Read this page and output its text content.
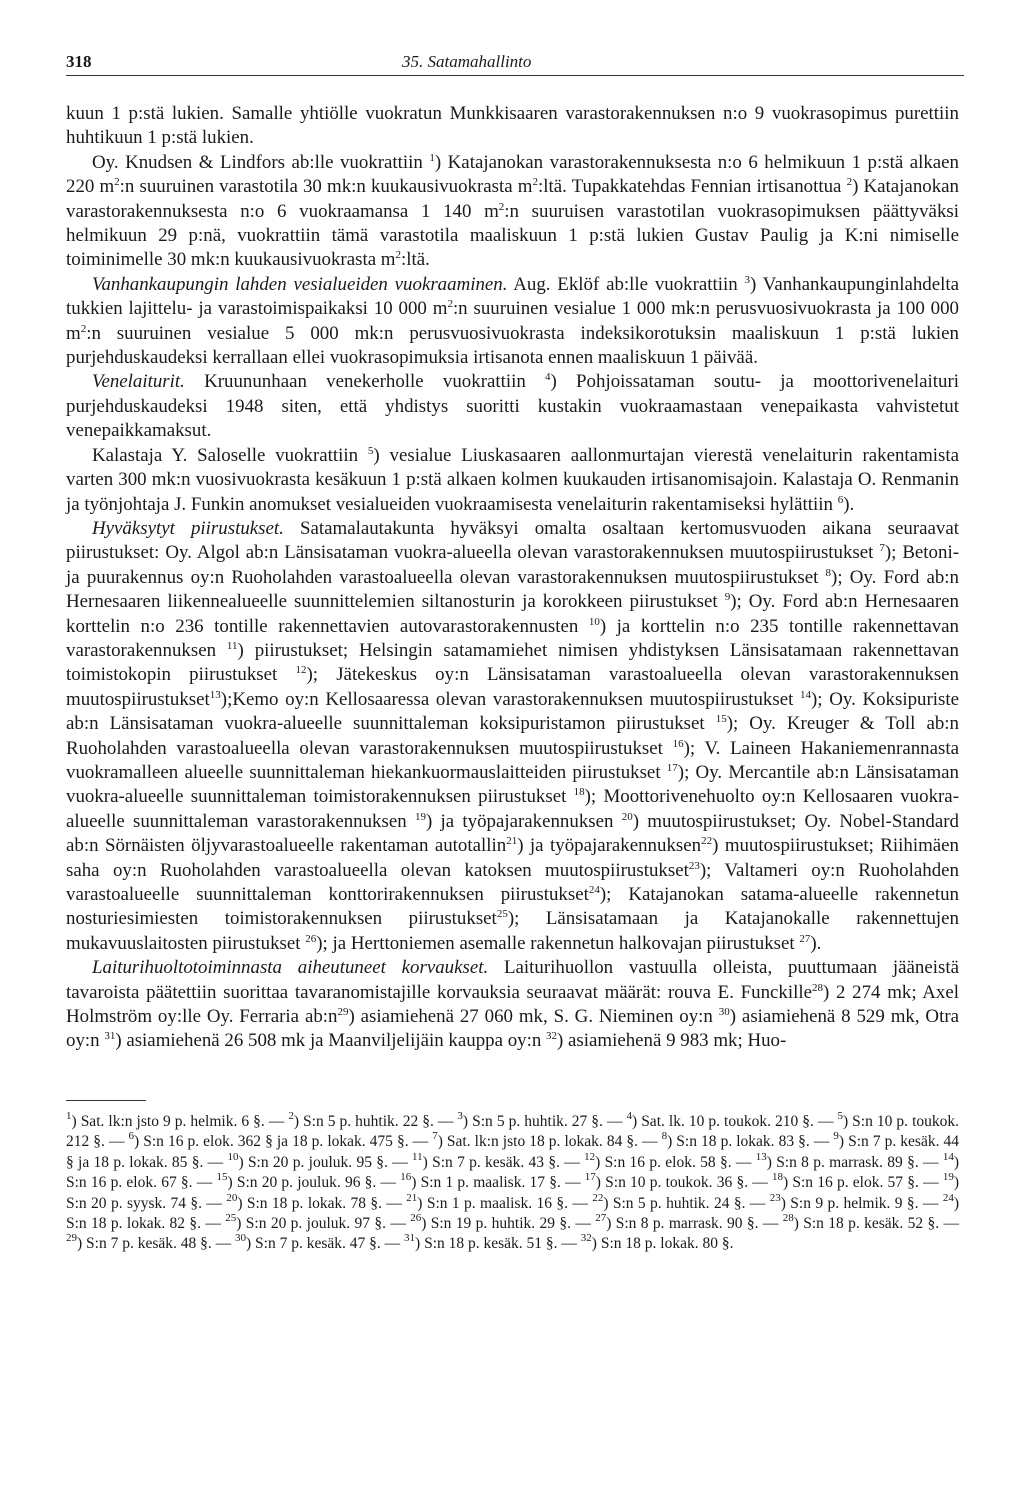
318	35. Satamahallinto

kuun 1 p:stä lukien. Samalle yhtiölle vuokratun Munkkisaaren varastorakennuksen n:o 9 vuokrasopimus purettiin huhtikuun 1 p:stä lukien.

Oy. Knudsen & Lindfors ab:lle vuokrattiin $^1$) Katajanokan varastorakennuksesta n:o 6 helmikuun 1 p:stä alkaen 220 $m^2:n$ suuruinen varastotila 30 mk:n kuukausivuokrasta $m^2:ltä$. Tupakkatehdas Fennian irtisanottua $^2$) Katajanokan varastorakennuksesta n:o 6 vuokraamansa 1 140 $m^2:n$ suuruisen varastotilan vuokrasopimuksen päättyväksi helmikuun 29 p:nä, vuokrattiin tämä varastotila maaliskuun 1 p:stä lukien Gustav Paulig ja K:ni nimiselle toiminimelle 30 mk:n kuukausivuokrasta $m^2:ltä$.

Vanhankaupungin lahden vesialueiden vuokraaminen. Aug. Eklöf ab:lle vuokrattiin $^3$) Vanhankaupunginlahdelta tukkien lajittelu- ja varastoimispaikaksi 10 000 $m^2:n$ suuruinen vesialue 1 000 mk:n perusvuosivuokrasta ja 100 000 $m^2:n$ suuruinen vesialue 5 000 mk:n perusvuosivuokrasta indeksikorotuksin maaliskuun 1 p:stä lukien purjehduskaudeksi kerrallaan ellei vuokrasopimuksia irtisanota ennen maaliskuun 1 päivää.

Venelaiturit. Kruununhaan venekerholle vuokrattiin $^4$) Pohjoissataman soutu- ja moottorivenelaituri purjehduskaudeksi 1948 siten, että yhdistys suoritti kustakin vuokraamastaan venepaikasta vahvistetut venepaikkamaksut.

Kalastaja Y. Saloselle vuokrattiin $^5$) vesialue Liuskasaaren aallonmurtajan vierestä venelaiturin rakentamista varten 300 mk:n vuosivuokrasta kesäkuun 1 p:stä alkaen kolmen kuukauden irtisanomisajoin. Kalastaja O. Renmanin ja työnjohtaja J. Funkin anomukset vesialueiden vuokraamisesta venelaiturin rakentamiseksi hylättiin $^6$).

Hyväksytyt piirustukset. Satamalautakunta hyväksyi omalta osaltaan kertomusvuoden aikana seuraavat piirustukset: Oy. Algol ab:n Länsisataman vuokra-alueella olevan varastorakennuksen muutospiirustukset $^7$); Betoni- ja puurakennus oy:n Ruoholahden varastoalueella olevan varastorakennuksen muutospiirustukset $^8$); Oy. Ford ab:n Hernesaaren liikennealueelle suunnittelemien siltanosturin ja korokkeen piirustukset $^9$); Oy. Ford ab:n Hernesaaren korttelin n:o 236 tontille rakennettavien autovarastorakennusten $^{10}$) ja korttelin n:o 235 tontille rakennettavan varastorakennuksen $^{11}$) piirustukset; Helsingin satamamiehet nimisen yhdistyksen Länsisatamaan rakennettavan toimistokopin piirustukset $^{12}$); Jätekeskus oy:n Länsisataman varastoalueella olevan varastorakennuksen muutospiirustukset$^{13}$);Kemo oy:n Kellosaaressa olevan varastorakennuksen muutospiirustukset $^{14}$); Oy. Koksipuriste ab:n Länsisataman vuokra-alueelle suunnittaleman koksipuristamon piirustukset $^{15}$); Oy. Kreuger & Toll ab:n Ruoholahden varastoalueella olevan varastorakennuksen muutospiirustukset $^{16}$); V. Laineen Hakaniemenrannasta vuokramalleen alueelle suunnittaleman hiekankuormauslaitteiden piirustukset $^{17}$); Oy. Mercantile ab:n Länsisataman vuokra-alueelle suunnittaleman toimistorakennuksen piirustukset $^{18}$); Moottorivenehuolto oy:n Kellosaaren vuokra-alueelle suunnittaleman varastorakennuksen $^{19}$) ja työpajarakennuksen $^{20}$) muutospiirustukset; Oy. Nobel-Standard ab:n Sörnäisten öljyvarastoalueelle rakentaman autotallin$^{21}$) ja työpajarakennuksen$^{22}$) muutospiirustukset; Riihimäen saha oy:n Ruoholahden varastoalueella olevan katoksen muutospiirustukset$^{23}$); Valtameri oy:n Ruoholahden varastoalueelle suunnittaleman konttorirakennuksen piirustukset$^{24}$); Katajanokan satama-alueelle rakennetun nosturiesimiesten toimistorakennuksen piirustukset$^{25}$); Länsisatamaan ja Katajanokalle rakennettujen mukavuuslaitosten piirustukset $^{26}$); ja Herttoniemen asemalle rakennetun halkovajan piirustukset $^{27}$).

Laiturihuoltotoiminnasta aiheutuneet korvaukset. Laiturihuollon vastuulla olleista, puuttumaan jääneistä tavaroista päätettiin suorittaa tavaranomistajille korvauksia seuraavat määrät: rouva E. Funckille$^{28}$) 2 274 mk; Axel Holmström oy:lle Oy. Ferraria $ab:n^{29}$) asiamiehenä 27 060 mk, S. G. Nieminen oy:n $^{30}$) asiamiehenä 8 529 mk, Otra oy:n $^{31}$) asiamiehenä 26 508 mk ja Maanviljelijäin kauppa oy:n $^{32}$) asiamiehenä 9 983 mk; Huo-

$^1$) Sat. lk:n jsto 9 p. helmik. 6 §. — $^2$) S:n 5 p. huhtik. 22 §. — $^3$) S:n 5 p. huhtik. 27 §. — $^4$) Sat. lk. 10 p. toukok. 210 §. — $^5$) S:n 10 p. toukok. 212 §. — $^6$) S:n 16 p. elok. 362 § ja 18 p. lokak. 475 §. — $^7$) Sat. lk:n jsto 18 p. lokak. 84 §. — $^8$) S:n 18 p. lokak. 83 §. — $^9$) S:n 7 p. kesäk. 44 § ja 18 p. lokak. 85 §. — $^{10}$) S:n 20 p. jouluk. 95 §. — $^{11}$) S:n 7 p. kesäk. 43 §. — $^{12}$) S:n 16 p. elok. 58 §. — $^{13}$) S:n 8 p. marrask. 89 §. — $^{14}$) S:n 16 p. elok. 67 §. — $^{15}$) S:n 20 p. jouluk. 96 §. — $^{16}$) S:n 1 p. maalisk. 17 §. — $^{17}$) S:n 10 p. toukok. 36 §. — $^{18}$) S:n 16 p. elok. 57 §. — $^{19}$) S:n 20 p. syysk. 74 §. — $^{20}$) S:n 18 p. lokak. 78 §. — $^{21}$) S:n 1 p. maalisk. 16 §. — $^{22}$) S:n 5 p. huhtik. 24 §. — $^{23}$) S:n 9 p. helmik. 9 §. — $^{24}$) S:n 18 p. lokak. 82 §. — $^{25}$) S:n 20 p. jouluk. 97 §. — $^{26}$) S:n 19 p. huhtik. 29 §. — $^{27}$) S:n 8 p. marrask. 90 §. — $^{28}$) S:n 18 p. kesäk. 52 §. — $^{29}$) S:n 7 p. kesäk. 48 §. — $^{30}$) S:n 7 p. kesäk. 47 §. — $^{31}$) S:n 18 p. kesäk. 51 §. — $^{32}$) S:n 18 p. lokak. 80 §.
